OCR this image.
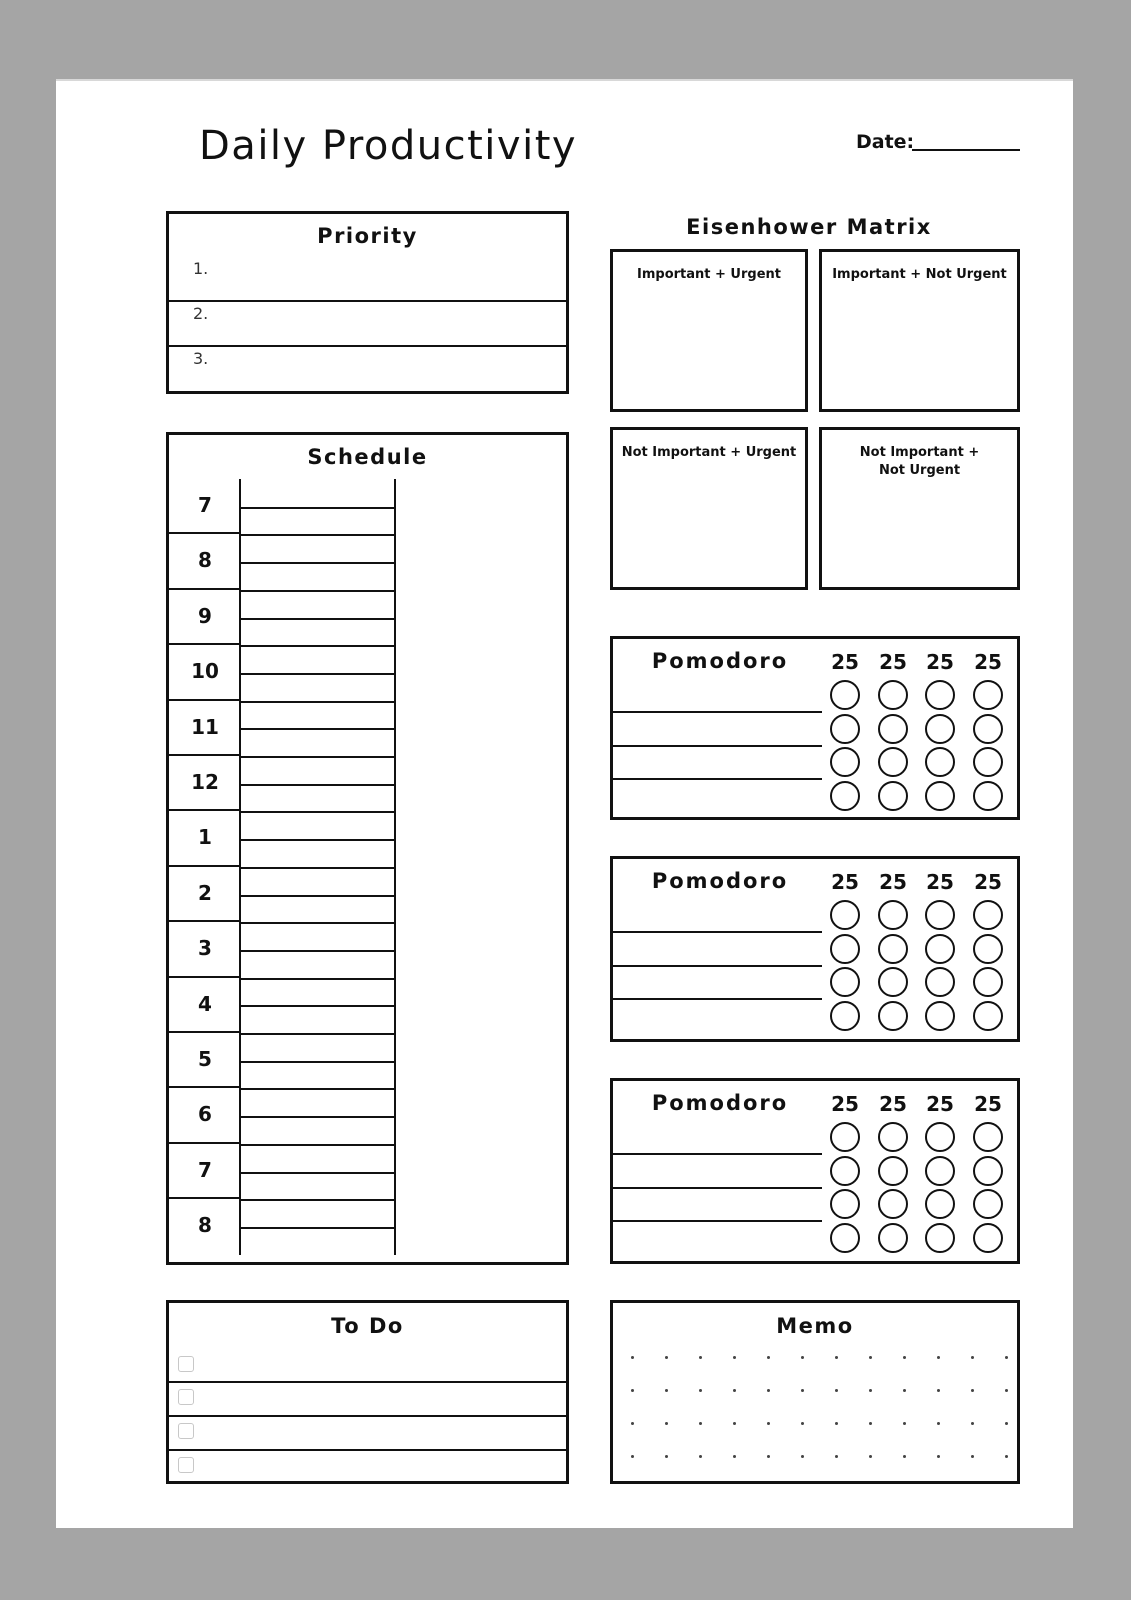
Daily Productivity	Date:
Priority
1.
2.
3.
Schedule
7
8
9
10
11
12
1
2
3
4
5
6
7
8
Eisenhower Matrix
Important + Urgent	Important + Not Urgent
Not Important + Urgent	Not Important + Not Urgent
Pomodoro	25	25 25	25
Pomodoro	25	25 25	25
Pomodoro	25	25 25	25
To Do	Memo
